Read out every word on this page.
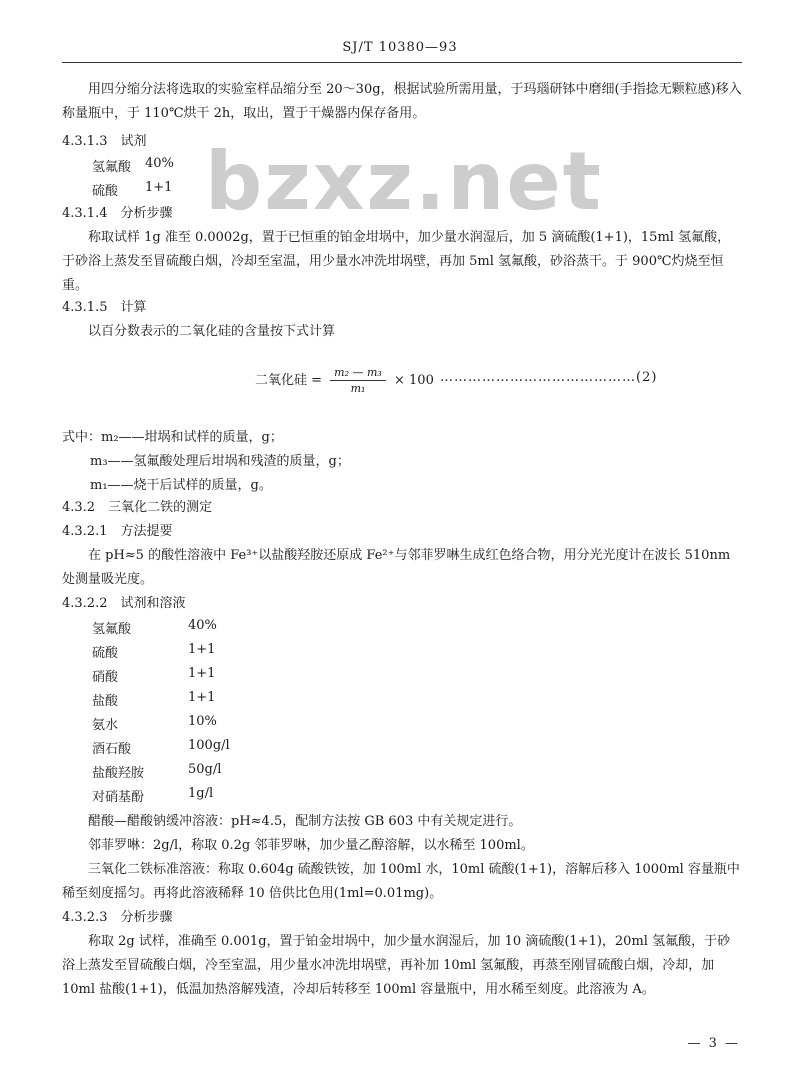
SJ/T 10380—93
bzxz.net
用四分缩分法将选取的实验室样品缩分至 20～30g，根据试验所需用量，于玛瑙研钵中磨细(手指捻无颗粒感)移入称量瓶中，于 110℃烘干 2h，取出，置于干燥器内保存备用。
4.3.1.3　试剂
氢氟酸 40%
硫酸 1+1
4.3.1.4　分析步骤
称取试样 1g 准至 0.0002g，置于已恒重的铂金坩埚中，加少量水润湿后，加 5 滴硫酸(1+1)，15ml 氢氟酸，于砂浴上蒸发至冒硫酸白烟，冷却至室温，用少量水冲洗坩埚壁，再加 5ml 氢氟酸，砂浴蒸干。于 900℃灼烧至恒重。
4.3.1.5　计算
以百分数表示的二氧化硅的含量按下式计算
二氧化硅 = $\frac{\text{m₂ — m₃}}{\text{m₁}} \times 100$ ……………………………………(2)
式中：m₂——坩埚和试样的质量，g；
m₃——氢氟酸处理后坩埚和残渣的质量，g；
m₁——烧干后试样的质量，g。
4.3.2　三氧化二铁的测定
4.3.2.1　方法提要
在 pH≈5 的酸性溶液中 Fe³⁺以盐酸羟胺还原成 Fe²⁺与邻菲罗啉生成红色络合物，用分光光度计在波长 510nm 处测量吸光度。
4.3.2.2　试剂和溶液
氢氟酸	40%
硫酸	1+1
硝酸	1+1
盐酸	1+1
氨水	10%
酒石酸	100g/l
盐酸羟胺	50g/l
对硝基酚	1g/l
醋酸—醋酸钠缓冲溶液：pH≈4.5，配制方法按 GB 603 中有关规定进行。
邻菲罗啉：2g/l，称取 0.2g 邻菲罗啉，加少量乙醇溶解，以水稀至 100ml。
三氧化二铁标准溶液：称取 0.604g 硫酸铁铵，加 100ml 水，10ml 硫酸(1+1)，溶解后移入 1000ml 容量瓶中稀至刻度摇匀。再将此溶液稀释 10 倍供比色用(1ml=0.01mg)。
4.3.2.3　分析步骤
称取 2g 试样，准确至 0.001g，置于铂金坩埚中，加少量水润湿后，加 10 滴硫酸(1+1)，20ml 氢氟酸，于砂浴上蒸发至冒硫酸白烟，冷至室温，用少量水冲洗坩埚壁，再补加 10ml 氢氟酸，再蒸至刚冒硫酸白烟，冷却，加 10ml 盐酸(1+1)，低温加热溶解残渣，冷却后转移至 100ml 容量瓶中，用水稀至刻度。此溶液为 A。
— 3 —
